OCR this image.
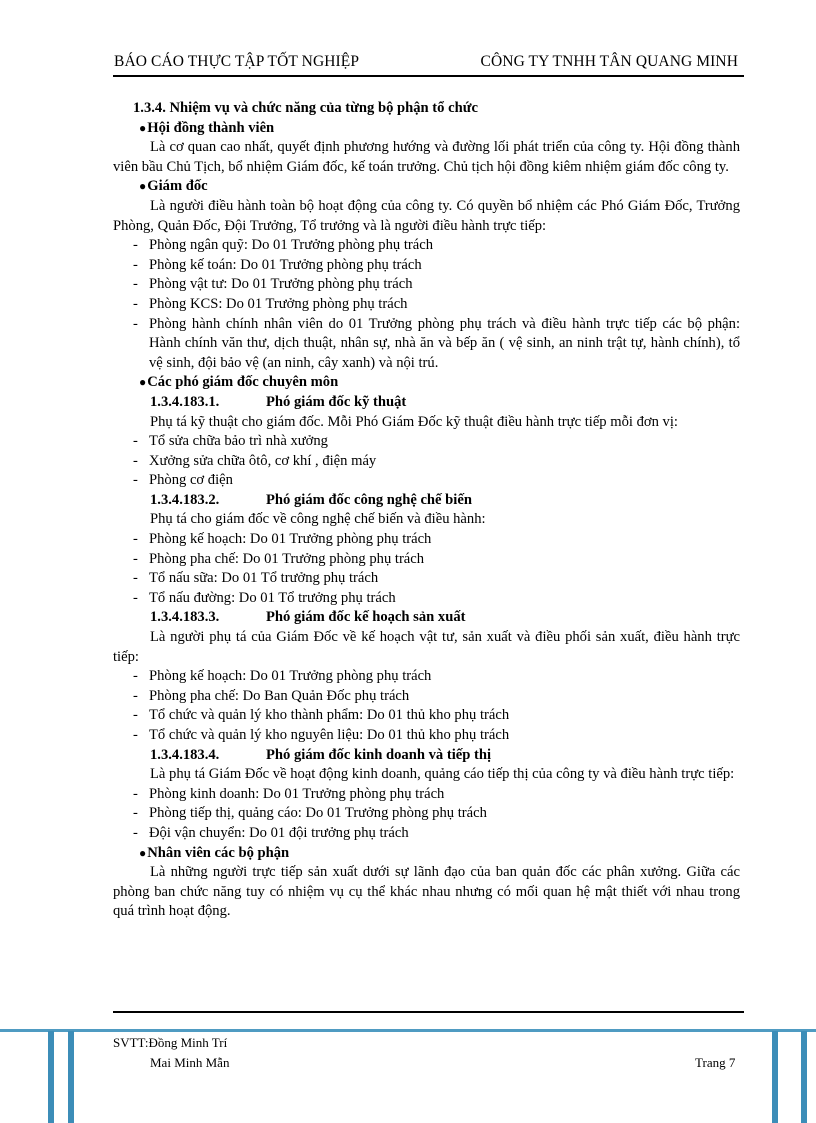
BÁO CÁO THỰC TẬP TỐT NGHIỆP	CÔNG TY TNHH TÂN QUANG MINH
1.3.4. Nhiệm vụ và chức năng của từng bộ phận tổ chức
●Hội đồng thành viên
Là cơ quan cao nhất, quyết định phương hướng và đường lối phát triển của công ty. Hội đồng thành viên bầu Chủ Tịch, bổ nhiệm Giám đốc, kế toán trưởng. Chủ tịch hội đồng kiêm nhiệm giám đốc công ty.
●Giám đốc
Là người điều hành toàn bộ hoạt động của công ty. Có quyền bổ nhiệm các Phó Giám Đốc, Trưởng Phòng, Quản Đốc, Đội Trưởng, Tổ trưởng và là người điều hành trực tiếp:
- Phòng ngân quỹ: Do 01 Trưởng phòng phụ trách
- Phòng kế toán: Do 01 Trưởng phòng phụ trách
- Phòng vật tư: Do 01 Trưởng phòng phụ trách
- Phòng KCS: Do 01 Trưởng phòng phụ trách
- Phòng hành chính nhân viên do 01 Trưởng phòng phụ trách và điều hành trực tiếp các bộ phận: Hành chính văn thư, dịch thuật, nhân sự, nhà ăn và bếp ăn ( vệ sinh, an ninh trật tự, hành chính), tổ vệ sinh, đội bảo vệ (an ninh, cây xanh) và nội trú.
●Các phó giám đốc chuyên môn
1.3.4.183.1.	Phó giám đốc kỹ thuật
Phụ tá kỹ thuật cho giám đốc. Mỗi Phó Giám Đốc kỹ thuật điều hành trực tiếp mỗi đơn vị:
- Tổ sửa chữa bảo trì nhà xưởng
- Xưởng sửa chữa ôtô, cơ khí , điện máy
- Phòng cơ điện
1.3.4.183.2.	Phó giám đốc công nghệ chế biến
Phụ tá cho giám đốc về công nghệ chế biến và điều hành:
- Phòng kế hoạch: Do 01 Trưởng phòng phụ trách
- Phòng pha chế: Do 01 Trưởng phòng phụ trách
- Tổ nấu sữa: Do 01 Tổ trưởng phụ trách
- Tổ nấu đường: Do 01 Tổ trưởng phụ trách
1.3.4.183.3.	Phó giám đốc kế hoạch sản xuất
Là người phụ tá của Giám Đốc về kế hoạch vật tư, sản xuất và điều phối sản xuất, điều hành trực tiếp:
- Phòng kế hoạch: Do 01 Trưởng phòng phụ trách
- Phòng pha chế: Do Ban Quản Đốc phụ trách
- Tổ chức và quản lý kho thành phẩm: Do 01 thủ kho phụ trách
- Tổ chức và quản lý kho nguyên liệu: Do 01 thủ kho phụ trách
1.3.4.183.4.	Phó giám đốc kinh doanh và tiếp thị
Là phụ tá Giám Đốc về hoạt động kinh doanh, quảng cáo tiếp thị của công ty và điều hành trực tiếp:
- Phòng kinh doanh: Do 01 Trưởng phòng phụ trách
- Phòng tiếp thị, quảng cáo: Do 01 Trưởng phòng phụ trách
- Đội vận chuyển: Do 01 đội trưởng phụ trách
●Nhân viên các bộ phận
Là những người trực tiếp sản xuất dưới sự lãnh đạo của ban quản đốc các phân xưởng. Giữa các phòng ban chức năng tuy có nhiệm vụ cụ thể khác nhau nhưng có mối quan hệ mật thiết với nhau trong quá trình hoạt động.
SVTT:Đồng Minh Trí
Mai Minh Mẫn	Trang 7
